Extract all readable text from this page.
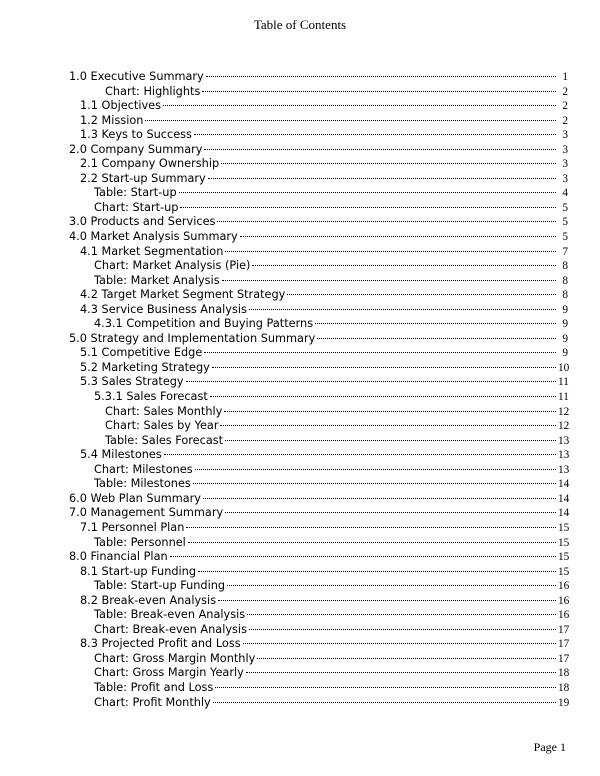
Table of Contents
1.0 Executive Summary	1
Chart: Highlights	2
1.1 Objectives	2
1.2 Mission	2
1.3 Keys to Success	3
2.0 Company Summary	3
2.1 Company Ownership	3
2.2 Start-up Summary	3
Table: Start-up	4
Chart: Start-up	5
3.0 Products and Services	5
4.0 Market Analysis Summary	5
4.1 Market Segmentation	7
Chart: Market Analysis (Pie)	8
Table: Market Analysis	8
4.2 Target Market Segment Strategy	8
4.3 Service Business Analysis	9
4.3.1 Competition and Buying Patterns	9
5.0 Strategy and Implementation Summary	9
5.1 Competitive Edge	9
5.2 Marketing Strategy	10
5.3 Sales Strategy	11
5.3.1 Sales Forecast	11
Chart: Sales Monthly	12
Chart: Sales by Year	12
Table: Sales Forecast	13
5.4 Milestones	13
Chart: Milestones	13
Table: Milestones	14
6.0 Web Plan Summary	14
7.0 Management Summary	14
7.1 Personnel Plan	15
Table: Personnel	15
8.0 Financial Plan	15
8.1 Start-up Funding	15
Table: Start-up Funding	16
8.2 Break-even Analysis	16
Table: Break-even Analysis	16
Chart: Break-even Analysis	17
8.3 Projected Profit and Loss	17
Chart: Gross Margin Monthly	17
Chart: Gross Margin Yearly	18
Table: Profit and Loss	18
Chart: Profit Monthly	19
Page 1
